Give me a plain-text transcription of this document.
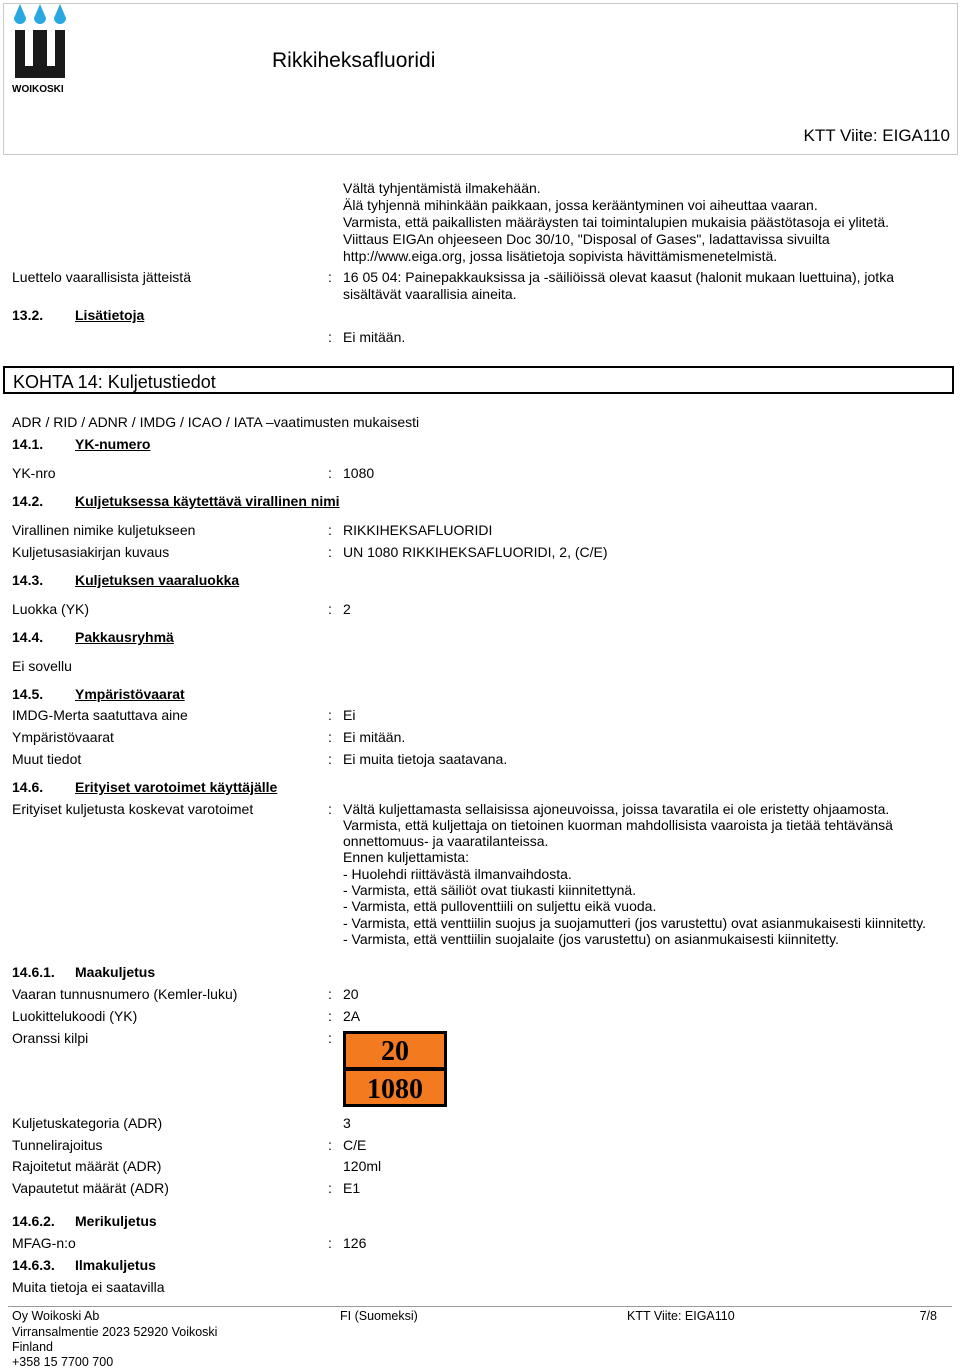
WOIKOSKI
Rikkiheksafluoridi
KTT Viite: EIGA110
Vältä tyhjentämistä ilmakehään.
Älä tyhjennä mihinkään paikkaan, jossa kerääntyminen voi aiheuttaa vaaran.
Varmista, että paikallisten määräysten tai toimintalupien mukaisia päästötasoja ei ylitetä.
Viittaus EIGAn ohjeeseen Doc 30/10, "Disposal of Gases", ladattavissa sivuilta
http://www.eiga.org, jossa lisätietoja sopivista hävittämismenetelmistä.
Luettelo vaarallisista jätteistä	: 16 05 04: Painepakkauksissa ja -säiliöissä olevat kaasut (halonit mukaan luettuina), jotka
sisältävät vaarallisia aineita.
13.2. Lisätietoja
: Ei mitään.
KOHTA 14: Kuljetustiedot
ADR / RID / ADNR / IMDG / ICAO / IATA –vaatimusten mukaisesti
14.1. YK-numero
YK-nro	: 1080
14.2. Kuljetuksessa käytettävä virallinen nimi
Virallinen nimike kuljetukseen	: RIKKIHEKSAFLUORIDI
Kuljetusasiakirjan kuvaus	: UN 1080 RIKKIHEKSAFLUORIDI, 2, (C/E)
14.3. Kuljetuksen vaaraluokka
Luokka (YK)	: 2
14.4. Pakkausryhmä
Ei sovellu
14.5. Ympäristövaarat
IMDG-Merta saatuttava aine	: Ei
Ympäristövaarat	: Ei mitään.
Muut tiedot	: Ei muita tietoja saatavana.
14.6. Erityiset varotoimet käyttäjälle
Erityiset kuljetusta koskevat varotoimet	: Vältä kuljettamasta sellaisissa ajoneuvoissa, joissa tavaratila ei ole eristetty ohjaamosta.
Varmista, että kuljettaja on tietoinen kuorman mahdollisista vaaroista ja tietää tehtävänsä
onnettomuus- ja vaaratilanteissa.
Ennen kuljettamista:
- Huolehdi riittävästä ilmanvaihdosta.
- Varmista, että säiliöt ovat tiukasti kiinnitettynä.
- Varmista, että pulloventtiili on suljettu eikä vuoda.
- Varmista, että venttiilin suojus ja suojamutteri (jos varustettu) ovat asianmukaisesti kiinnitetty.
- Varmista, että venttiilin suojalaite (jos varustettu) on asianmukaisesti kiinnitetty.
14.6.1. Maakuljetus
Vaaran tunnusnumero (Kemler-luku)	: 20
Luokittelukoodi (YK)	: 2A
Oranssi kilpi	: 20
1080
Kuljetuskategoria (ADR)	3
Tunnelirajoitus	: C/E
Rajoitetut määrät (ADR)	120ml
Vapautetut määrät (ADR)	: E1
14.6.2. Merikuljetus
MFAG-n:o	: 126
14.6.3. Ilmakuljetus
Muita tietoja ei saatavilla
Oy Woikoski Ab
Virransalmentie 2023 52920 Voikoski
Finland
+358 15 7700 700
FI (Suomeksi)	KTT Viite: EIGA110	7/8
